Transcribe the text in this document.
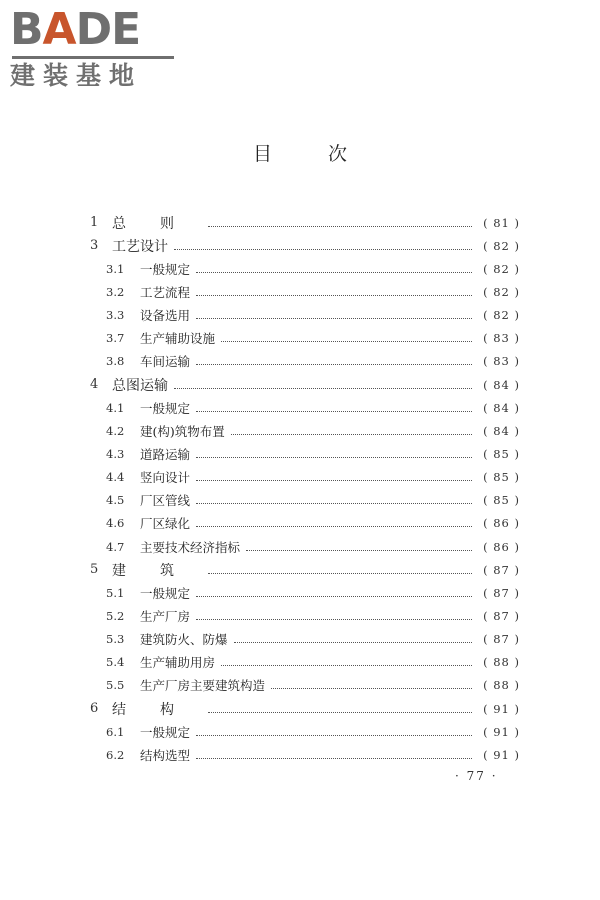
BADE
建装基地
目	次
1 总则	( 81 )
3 工艺设计	( 82 )
3.1	一般规定	( 82 )
3.2	工艺流程	( 82 )
3.3	设备选用	( 82 )
3.7	生产辅助设施	( 83 )
3.8	车间运输	( 83 )
4 总图运输	( 84 )
4.1	一般规定	( 84 )
4.2	建(构)筑物布置	( 84 )
4.3	道路运输	( 85 )
4.4	竖向设计	( 85 )
4.5	厂区管线	( 85 )
4.6	厂区绿化	( 86 )
4.7	主要技术经济指标	( 86 )
5 建筑	( 87 )
5.1	一般规定	( 87 )
5.2	生产厂房	( 87 )
5.3	建筑防火、防爆	( 87 )
5.4	生产辅助用房	( 88 )
5.5	生产厂房主要建筑构造	( 88 )
6 结构	( 91 )
6.1	一般规定	( 91 )
6.2	结构选型	( 91 )
· 77 ·
